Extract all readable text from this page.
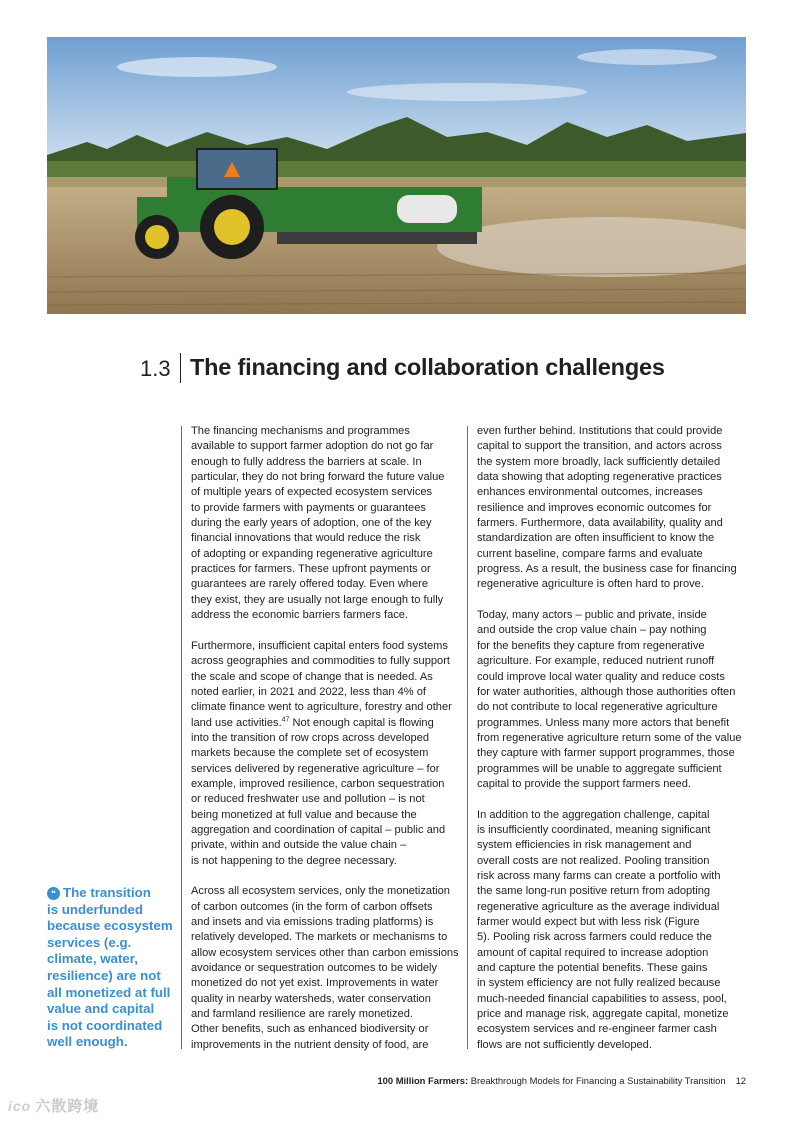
1.3 The financing and collaboration challenges

The financing mechanisms and programmes
available to support farmer adoption do not go far
enough to fully address the barriers at scale. In
particular, they do not bring forward the future value
of multiple years of expected ecosystem services
to provide farmers with payments or guarantees
during the early years of adoption, one of the key
financial innovations that would reduce the risk
of adopting or expanding regenerative agriculture
practices for farmers. These upfront payments or
guarantees are rarely offered today. Even where
they exist, they are usually not large enough to fully
address the economic barriers farmers face.

Furthermore, insufficient capital enters food systems
across geographies and commodities to fully support
the scale and scope of change that is needed. As
noted earlier, in 2021 and 2022, less than 4% of
climate finance went to agriculture, forestry and other
land use activities.$^{47}$ Not enough capital is flowing
into the transition of row crops across developed
markets because the complete set of ecosystem
services delivered by regenerative agriculture – for
example, improved resilience, carbon sequestration
or reduced freshwater use and pollution – is not
being monetized at full value and because the
aggregation and coordination of capital – public and
private, within and outside the value chain –
is not happening to the degree necessary.

Across all ecosystem services, only the monetization
of carbon outcomes (in the form of carbon offsets
and insets and via emissions trading platforms) is
relatively developed. The markets or mechanisms to
allow ecosystem services other than carbon emissions
avoidance or sequestration outcomes to be widely
monetized do not yet exist. Improvements in water
quality in nearby watersheds, water conservation
and farmland resilience are rarely monetized.
Other benefits, such as enhanced biodiversity or
improvements in the nutrient density of food, are

even further behind. Institutions that could provide
capital to support the transition, and actors across
the system more broadly, lack sufficiently detailed
data showing that adopting regenerative practices
enhances environmental outcomes, increases
resilience and improves economic outcomes for
farmers. Furthermore, data availability, quality and
standardization are often insufficient to know the
current baseline, compare farms and evaluate
progress. As a result, the business case for financing
regenerative agriculture is often hard to prove.

Today, many actors – public and private, inside
and outside the crop value chain – pay nothing
for the benefits they capture from regenerative
agriculture. For example, reduced nutrient runoff
could improve local water quality and reduce costs
for water authorities, although those authorities often
do not contribute to local regenerative agriculture
programmes. Unless many more actors that benefit
from regenerative agriculture return some of the value
they capture with farmer support programmes, those
programmes will be unable to aggregate sufficient
capital to provide the support farmers need.

In addition to the aggregation challenge, capital
is insufficiently coordinated, meaning significant
system efficiencies in risk management and
overall costs are not realized. Pooling transition
risk across many farms can create a portfolio with
the same long-run positive return from adopting
regenerative agriculture as the average individual
farmer would expect but with less risk (Figure
5). Pooling risk across farmers could reduce the
amount of capital required to increase adoption
and capture the potential benefits. These gains
in system efficiency are not fully realized because
much-needed financial capabilities to assess, pool,
price and manage risk, aggregate capital, monetize
ecosystem services and re-engineer farmer cash
flows are not sufficiently developed.

❝ The transition
is underfunded
because ecosystem
services (e.g.
climate, water,
resilience) are not
all monetized at full
value and capital
is not coordinated
well enough.
100 Million Farmers: Breakthrough Models for Financing a Sustainability Transition 12
ico 六散跨境
